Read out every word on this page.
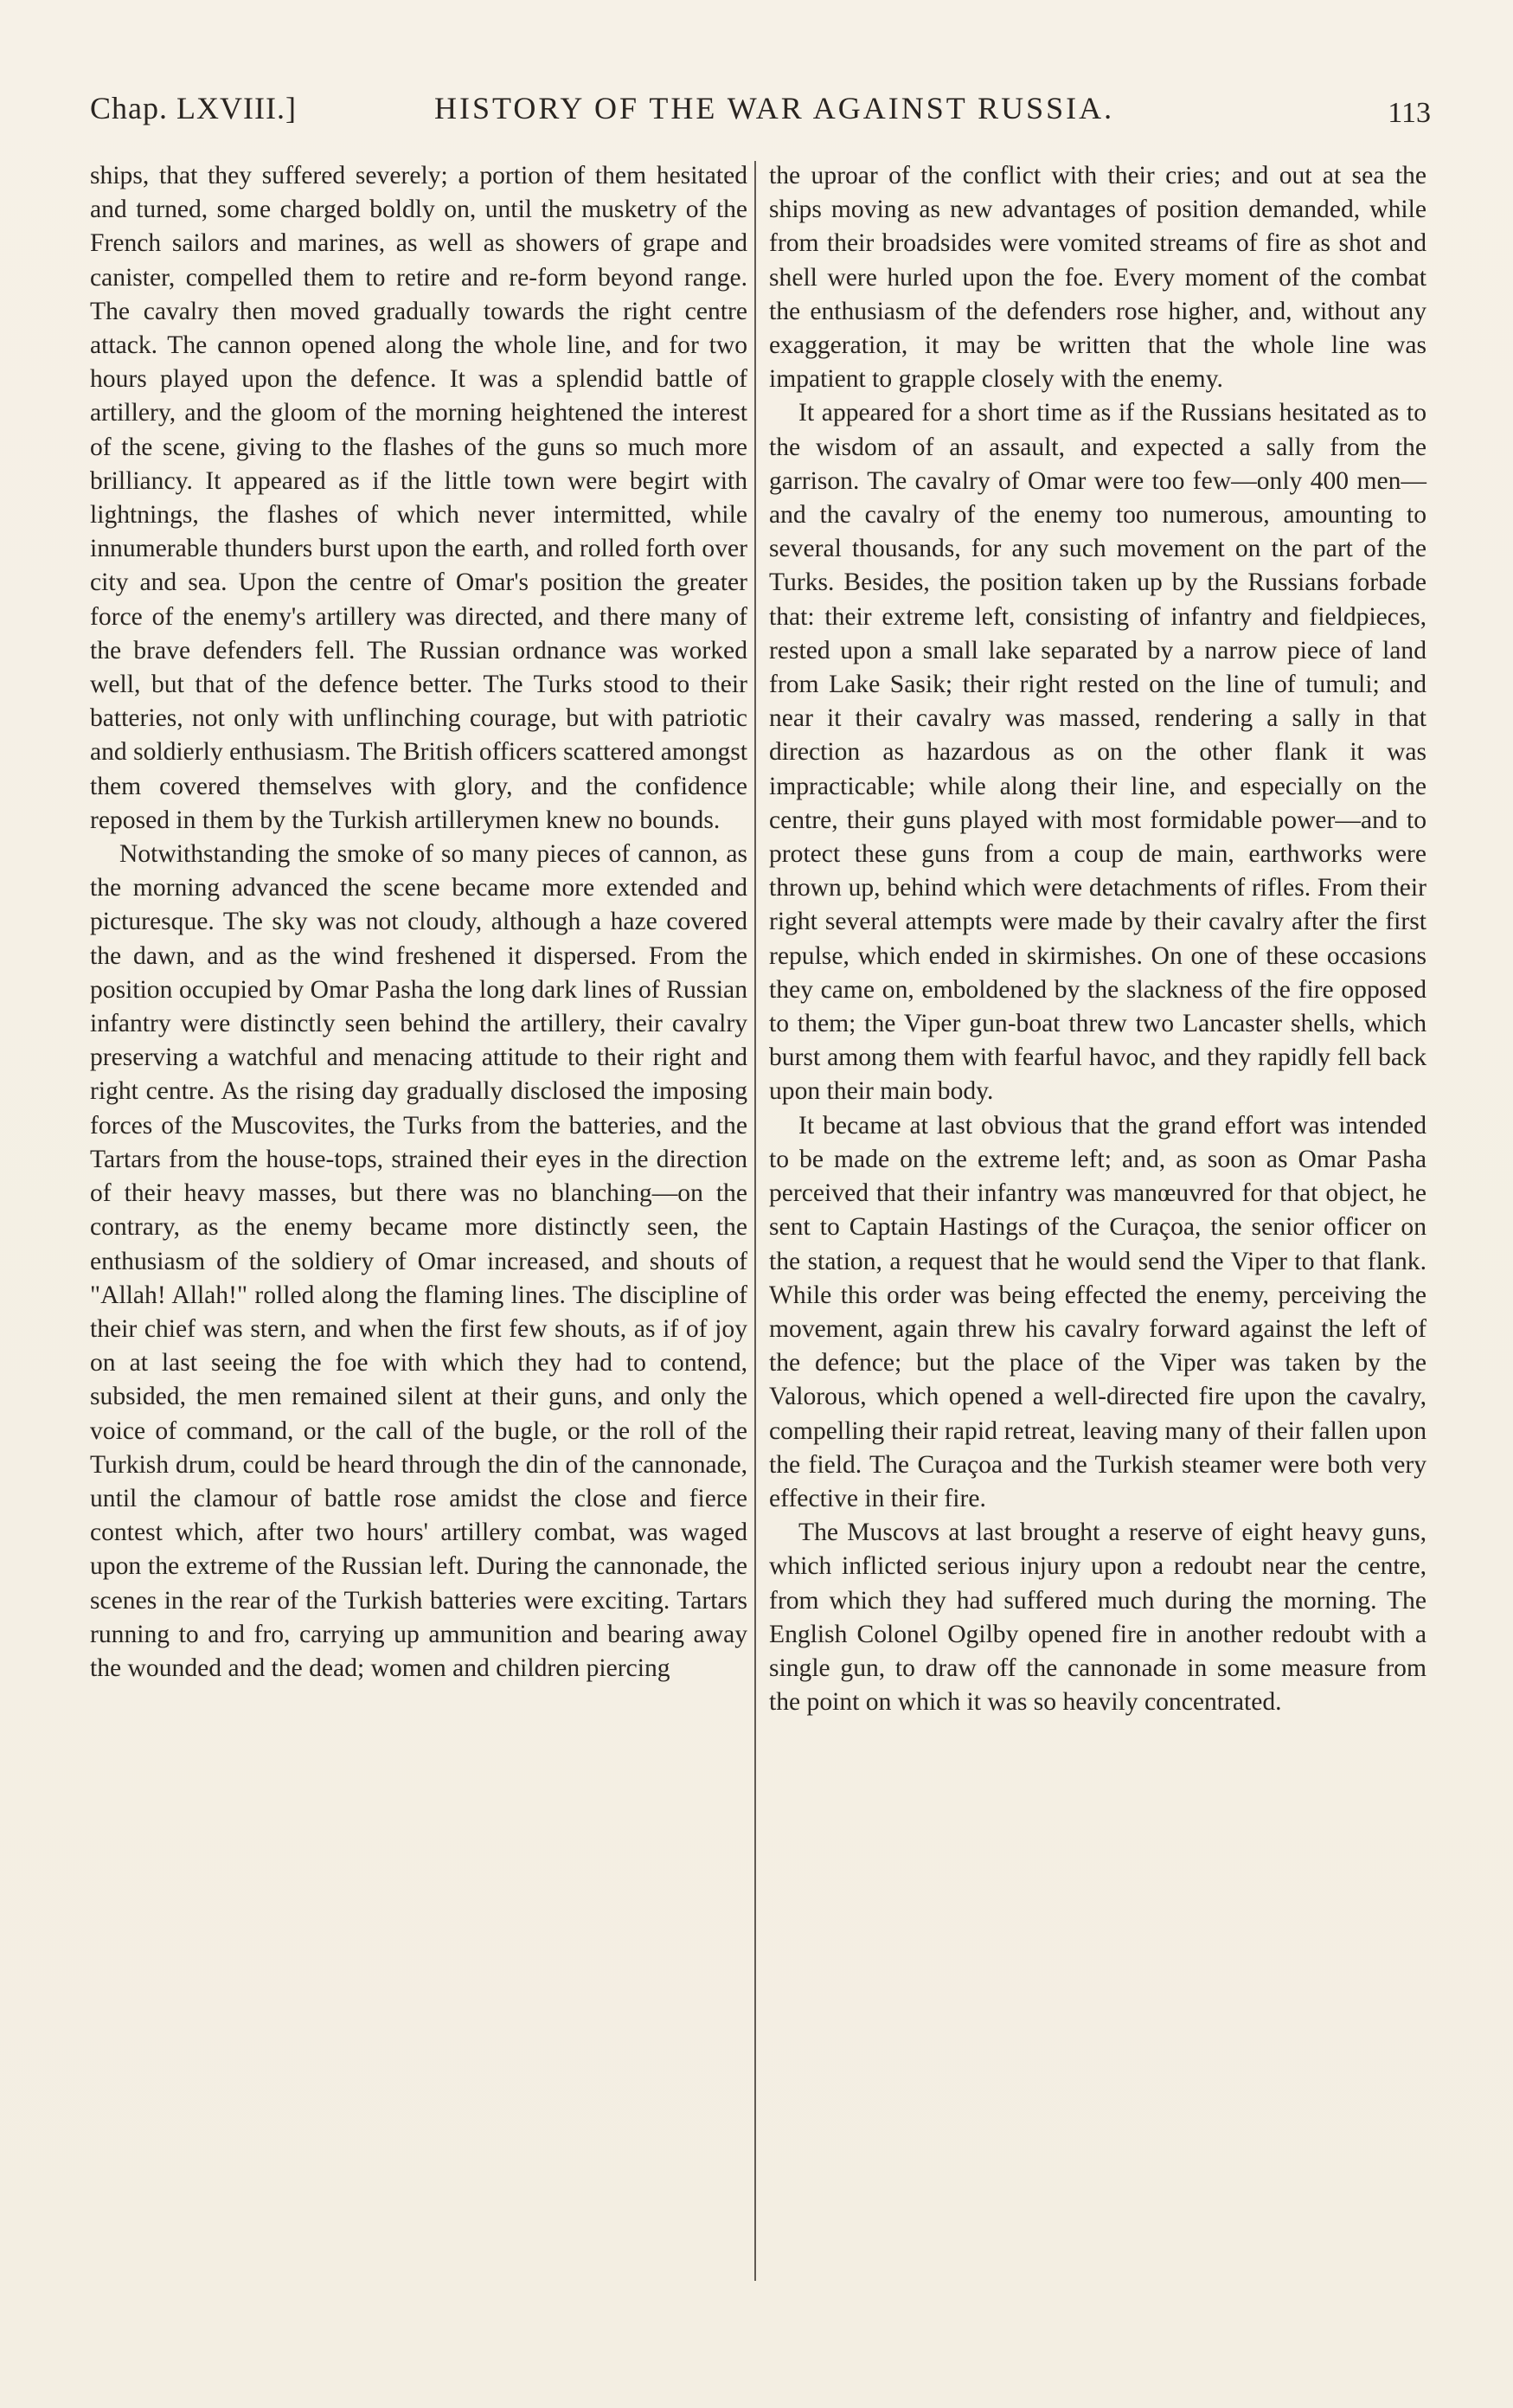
Chap. LXVIII.]	HISTORY OF THE WAR AGAINST RUSSIA.	113

ships, that they suffered severely; a portion of them hesitated and turned, some charged boldly on, until the musketry of the French sailors and marines, as well as showers of grape and canister, compelled them to retire and re-form beyond range. The cavalry then moved gradually towards the right centre attack. The cannon opened along the whole line, and for two hours played upon the defence. It was a splendid battle of artillery, and the gloom of the morning heightened the interest of the scene, giving to the flashes of the guns so much more brilliancy. It appeared as if the little town were begirt with lightnings, the flashes of which never intermitted, while innumerable thunders burst upon the earth, and rolled forth over city and sea. Upon the centre of Omar's position the greater force of the enemy's artillery was directed, and there many of the brave defenders fell. The Russian ordnance was worked well, but that of the defence better. The Turks stood to their batteries, not only with unflinching courage, but with patriotic and soldierly enthusiasm. The British officers scattered amongst them covered themselves with glory, and the confidence reposed in them by the Turkish artillerymen knew no bounds.

Notwithstanding the smoke of so many pieces of cannon, as the morning advanced the scene became more extended and picturesque. The sky was not cloudy, although a haze covered the dawn, and as the wind freshened it dispersed. From the position occupied by Omar Pasha the long dark lines of Russian infantry were distinctly seen behind the artillery, their cavalry preserving a watchful and menacing attitude to their right and right centre. As the rising day gradually disclosed the imposing forces of the Muscovites, the Turks from the batteries, and the Tartars from the house-tops, strained their eyes in the direction of their heavy masses, but there was no blanching—on the contrary, as the enemy became more distinctly seen, the enthusiasm of the soldiery of Omar increased, and shouts of "Allah! Allah!" rolled along the flaming lines. The discipline of their chief was stern, and when the first few shouts, as if of joy on at last seeing the foe with which they had to contend, subsided, the men remained silent at their guns, and only the voice of command, or the call of the bugle, or the roll of the Turkish drum, could be heard through the din of the cannonade, until the clamour of battle rose amidst the close and fierce contest which, after two hours' artillery combat, was waged upon the extreme of the Russian left. During the cannonade, the scenes in the rear of the Turkish batteries were exciting. Tartars running to and fro, carrying up ammunition and bearing away the wounded and the dead; women and children piercing

the uproar of the conflict with their cries; and out at sea the ships moving as new advantages of position demanded, while from their broadsides were vomited streams of fire as shot and shell were hurled upon the foe. Every moment of the combat the enthusiasm of the defenders rose higher, and, without any exaggeration, it may be written that the whole line was impatient to grapple closely with the enemy.

It appeared for a short time as if the Russians hesitated as to the wisdom of an assault, and expected a sally from the garrison. The cavalry of Omar were too few—only 400 men—and the cavalry of the enemy too numerous, amounting to several thousands, for any such movement on the part of the Turks. Besides, the position taken up by the Russians forbade that: their extreme left, consisting of infantry and fieldpieces, rested upon a small lake separated by a narrow piece of land from Lake Sasik; their right rested on the line of tumuli; and near it their cavalry was massed, rendering a sally in that direction as hazardous as on the other flank it was impracticable; while along their line, and especially on the centre, their guns played with most formidable power—and to protect these guns from a coup de main, earthworks were thrown up, behind which were detachments of rifles. From their right several attempts were made by their cavalry after the first repulse, which ended in skirmishes. On one of these occasions they came on, emboldened by the slackness of the fire opposed to them; the Viper gun-boat threw two Lancaster shells, which burst among them with fearful havoc, and they rapidly fell back upon their main body.

It became at last obvious that the grand effort was intended to be made on the extreme left; and, as soon as Omar Pasha perceived that their infantry was manœuvred for that object, he sent to Captain Hastings of the Curaçoa, the senior officer on the station, a request that he would send the Viper to that flank. While this order was being effected the enemy, perceiving the movement, again threw his cavalry forward against the left of the defence; but the place of the Viper was taken by the Valorous, which opened a well-directed fire upon the cavalry, compelling their rapid retreat, leaving many of their fallen upon the field. The Curaçoa and the Turkish steamer were both very effective in their fire.

The Muscovs at last brought a reserve of eight heavy guns, which inflicted serious injury upon a redoubt near the centre, from which they had suffered much during the morning. The English Colonel Ogilby opened fire in another redoubt with a single gun, to draw off the cannonade in some measure from the point on which it was so heavily concentrated.
